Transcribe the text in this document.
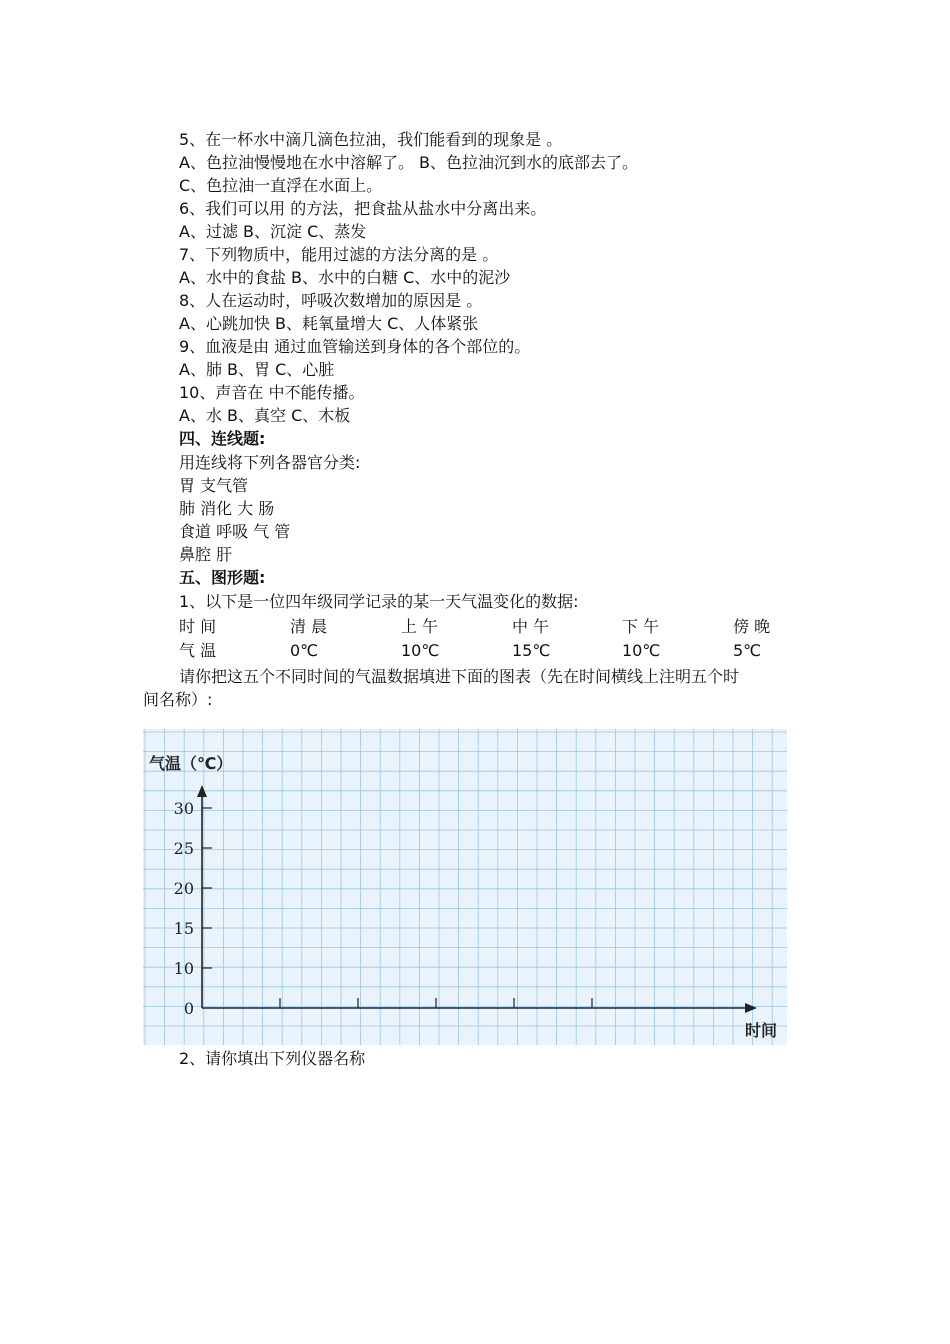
5、在一杯水中滴几滴色拉油，我们能看到的现象是 。
A、色拉油慢慢地在水中溶解了。 B、色拉油沉到水的底部去了。
C、色拉油一直浮在水面上。
6、我们可以用 的方法，把食盐从盐水中分离出来。
A、过滤 B、沉淀 C、蒸发
7、下列物质中，能用过滤的方法分离的是 。
A、水中的食盐 B、水中的白糖 C、水中的泥沙
8、人在运动时，呼吸次数增加的原因是 。
A、心跳加快 B、耗氧量增大 C、人体紧张
9、血液是由 通过血管输送到身体的各个部位的。
A、肺 B、胃 C、心脏
10、声音在 中不能传播。
A、水 B、真空 C、木板
四、连线题:
用连线将下列各器官分类:
胃 支气管
肺 消化 大 肠
食道 呼吸 气 管
鼻腔 肝
五、图形题:
1、以下是一位四年级同学记录的某一天气温变化的数据:
时 间	清 晨	上 午	中 午	下 午	傍 晚
气 温	0℃	10℃	15℃	10℃	5℃
请你把这五个不同时间的气温数据填进下面的图表（先在时间横线上注明五个时
间名称）:
0
10
15
20
25
30
气温（℃）
时间
2、请你填出下列仪器名称
